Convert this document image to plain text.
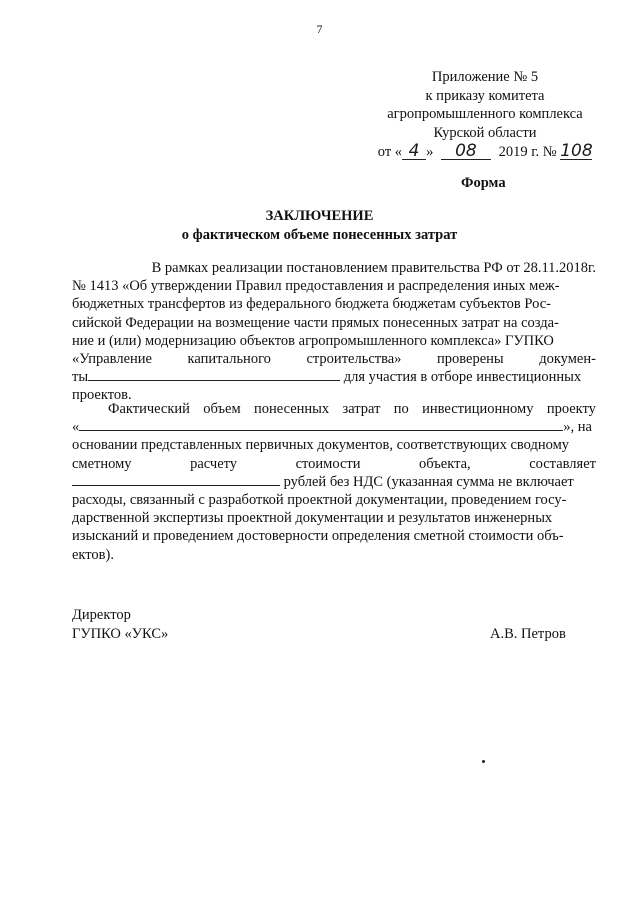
7
Приложение № 5
к приказу комитета
агропромышленного комплекса
Курской области
от « 4 » 08 2019 г. № 108
Форма
ЗАКЛЮЧЕНИЕ
о фактическом объеме понесенных затрат
В рамках реализации постановлением правительства РФ от 28.11.2018г.
№ 1413 «Об утверждении Правил предоставления и распределения иных меж-
бюджетных трансфертов из федерального бюджета бюджетам субъектов Рос-
сийской Федерации на возмещение части прямых понесенных затрат на созда-
ние и (или) модернизацию объектов агропромышленного комплекса» ГУПКО
«Управление капитального строительства» проверены докумен-
ты	для участия в отборе инвестиционных
проектов.
Фактический объем понесенных затрат по инвестиционному проекту
«	», на
основании представленных первичных документов, соответствующих сводному
сметному	расчету	стоимости	объекта,	составляет
рублей без НДС (указанная сумма не включает
расходы, связанный с разработкой проектной документации, проведением госу-
дарственной экспертизы проектной документации и результатов инженерных
изысканий и проведением достоверности определения сметной стоимости объ-
ектов).
Директор
ГУПКО «УКС»	А.В. Петров
